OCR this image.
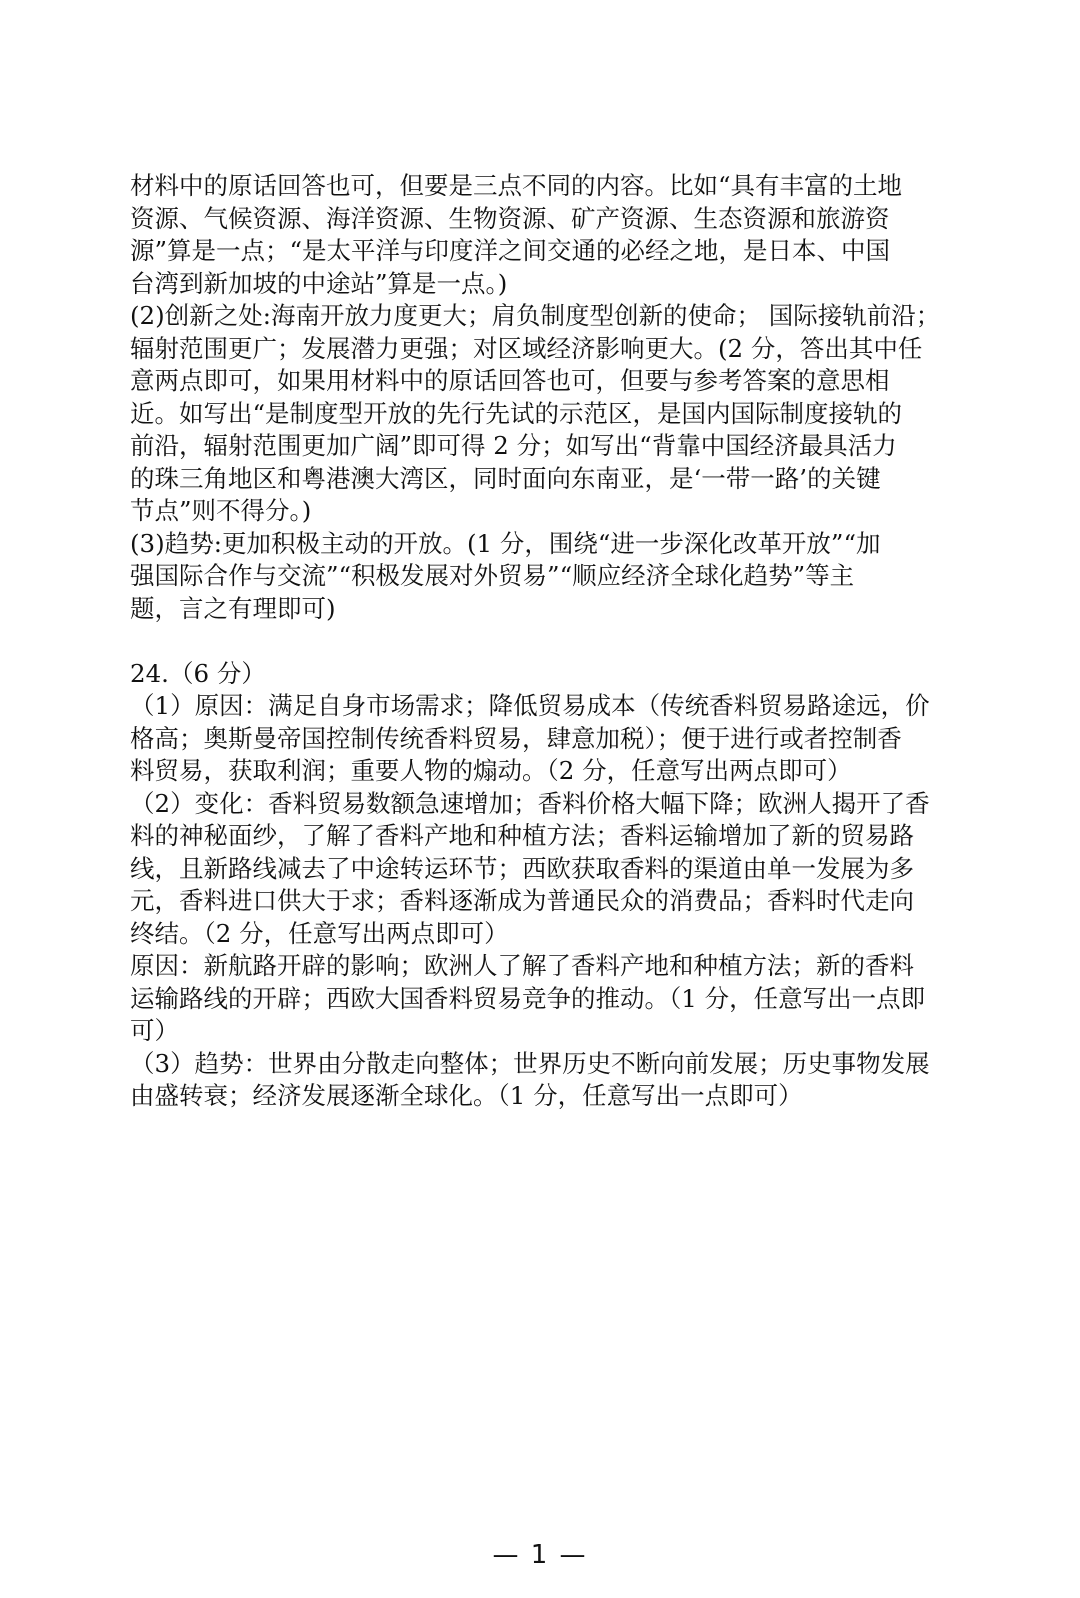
材料中的原话回答也可，但要是三点不同的内容。比如“具有丰富的土地
资源、气候资源、海洋资源、生物资源、矿产资源、生态资源和旅游资
源”算是一点；“是太平洋与印度洋之间交通的必经之地，是日本、中国
台湾到新加坡的中途站”算是一点。)
(2)创新之处:海南开放力度更大；肩负制度型创新的使命； 国际接轨前沿；
辐射范围更广；发展潜力更强；对区域经济影响更大。(2 分，答出其中任
意两点即可，如果用材料中的原话回答也可，但要与参考答案的意思相
近。如写出“是制度型开放的先行先试的示范区，是国内国际制度接轨的
前沿，辐射范围更加广阔”即可得 2 分；如写出“背靠中国经济最具活力
的珠三角地区和粤港澳大湾区，同时面向东南亚，是‘一带一路’的关键
节点”则不得分。)
(3)趋势:更加积极主动的开放。(1 分，围绕“进一步深化改革开放”“加
强国际合作与交流”“积极发展对外贸易”“顺应经济全球化趋势”等主
题，言之有理即可)
24.（6 分）
（1）原因：满足自身市场需求；降低贸易成本（传统香料贸易路途远，价
格高；奥斯曼帝国控制传统香料贸易，肆意加税）；便于进行或者控制香
料贸易，获取利润；重要人物的煽动。（2 分，任意写出两点即可）
（2）变化：香料贸易数额急速增加；香料价格大幅下降；欧洲人揭开了香
料的神秘面纱，了解了香料产地和种植方法；香料运输增加了新的贸易路
线，且新路线减去了中途转运环节；西欧获取香料的渠道由单一发展为多
元，香料进口供大于求；香料逐渐成为普通民众的消费品；香料时代走向
终结。（2 分，任意写出两点即可）
原因：新航路开辟的影响；欧洲人了解了香料产地和种植方法；新的香料
运输路线的开辟；西欧大国香料贸易竞争的推动。（1 分，任意写出一点即
可）
（3）趋势：世界由分散走向整体；世界历史不断向前发展；历史事物发展
由盛转衰；经济发展逐渐全球化。（1 分，任意写出一点即可）
— 1 —
